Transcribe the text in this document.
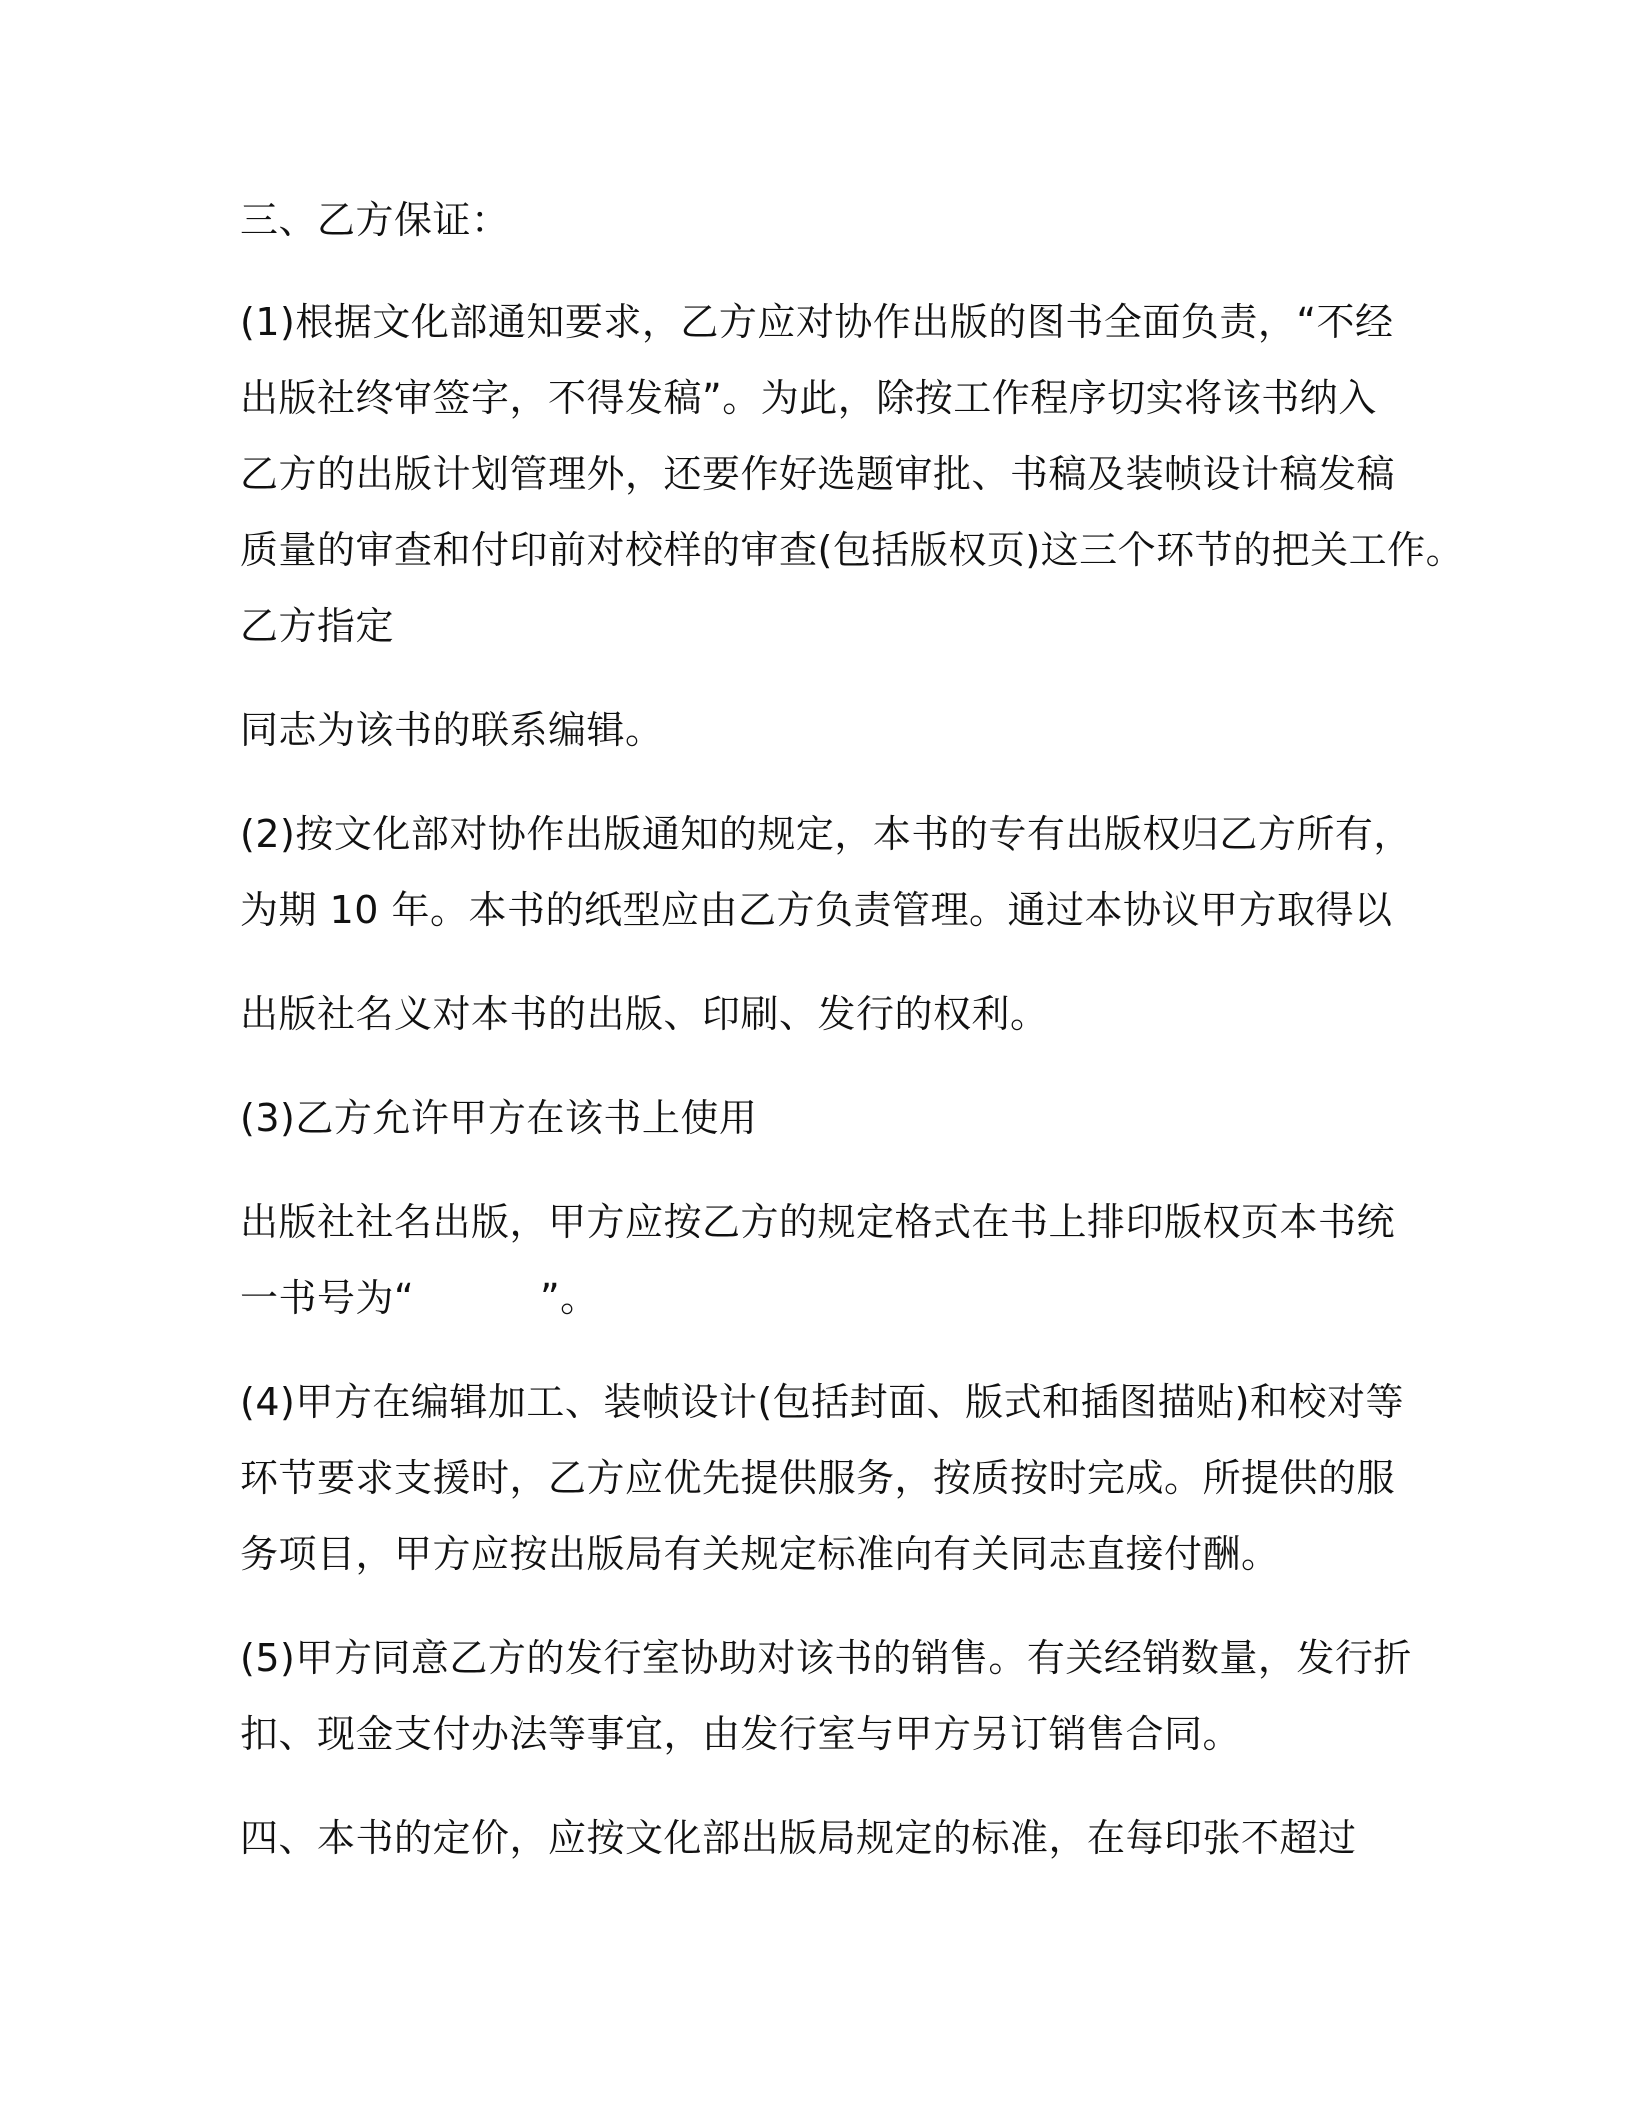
三、乙方保证：
(1)根据文化部通知要求，乙方应对协作出版的图书全面负责，“不经
出版社终审签字，不得发稿”。为此，除按工作程序切实将该书纳入
乙方的出版计划管理外，还要作好选题审批、书稿及装帧设计稿发稿
质量的审查和付印前对校样的审查(包括版权页)这三个环节的把关工作。
乙方指定
同志为该书的联系编辑。
(2)按文化部对协作出版通知的规定，本书的专有出版权归乙方所有，
为期 10 年。本书的纸型应由乙方负责管理。通过本协议甲方取得以
出版社名义对本书的出版、印刷、发行的权利。
(3)乙方允许甲方在该书上使用
出版社社名出版，甲方应按乙方的规定格式在书上排印版权页本书统
一书号为“          ”。
(4)甲方在编辑加工、装帧设计(包括封面、版式和插图描贴)和校对等
环节要求支援时，乙方应优先提供服务，按质按时完成。所提供的服
务项目，甲方应按出版局有关规定标准向有关同志直接付酬。
(5)甲方同意乙方的发行室协助对该书的销售。有关经销数量，发行折
扣、现金支付办法等事宜，由发行室与甲方另订销售合同。
四、本书的定价，应按文化部出版局规定的标准，在每印张不超过
